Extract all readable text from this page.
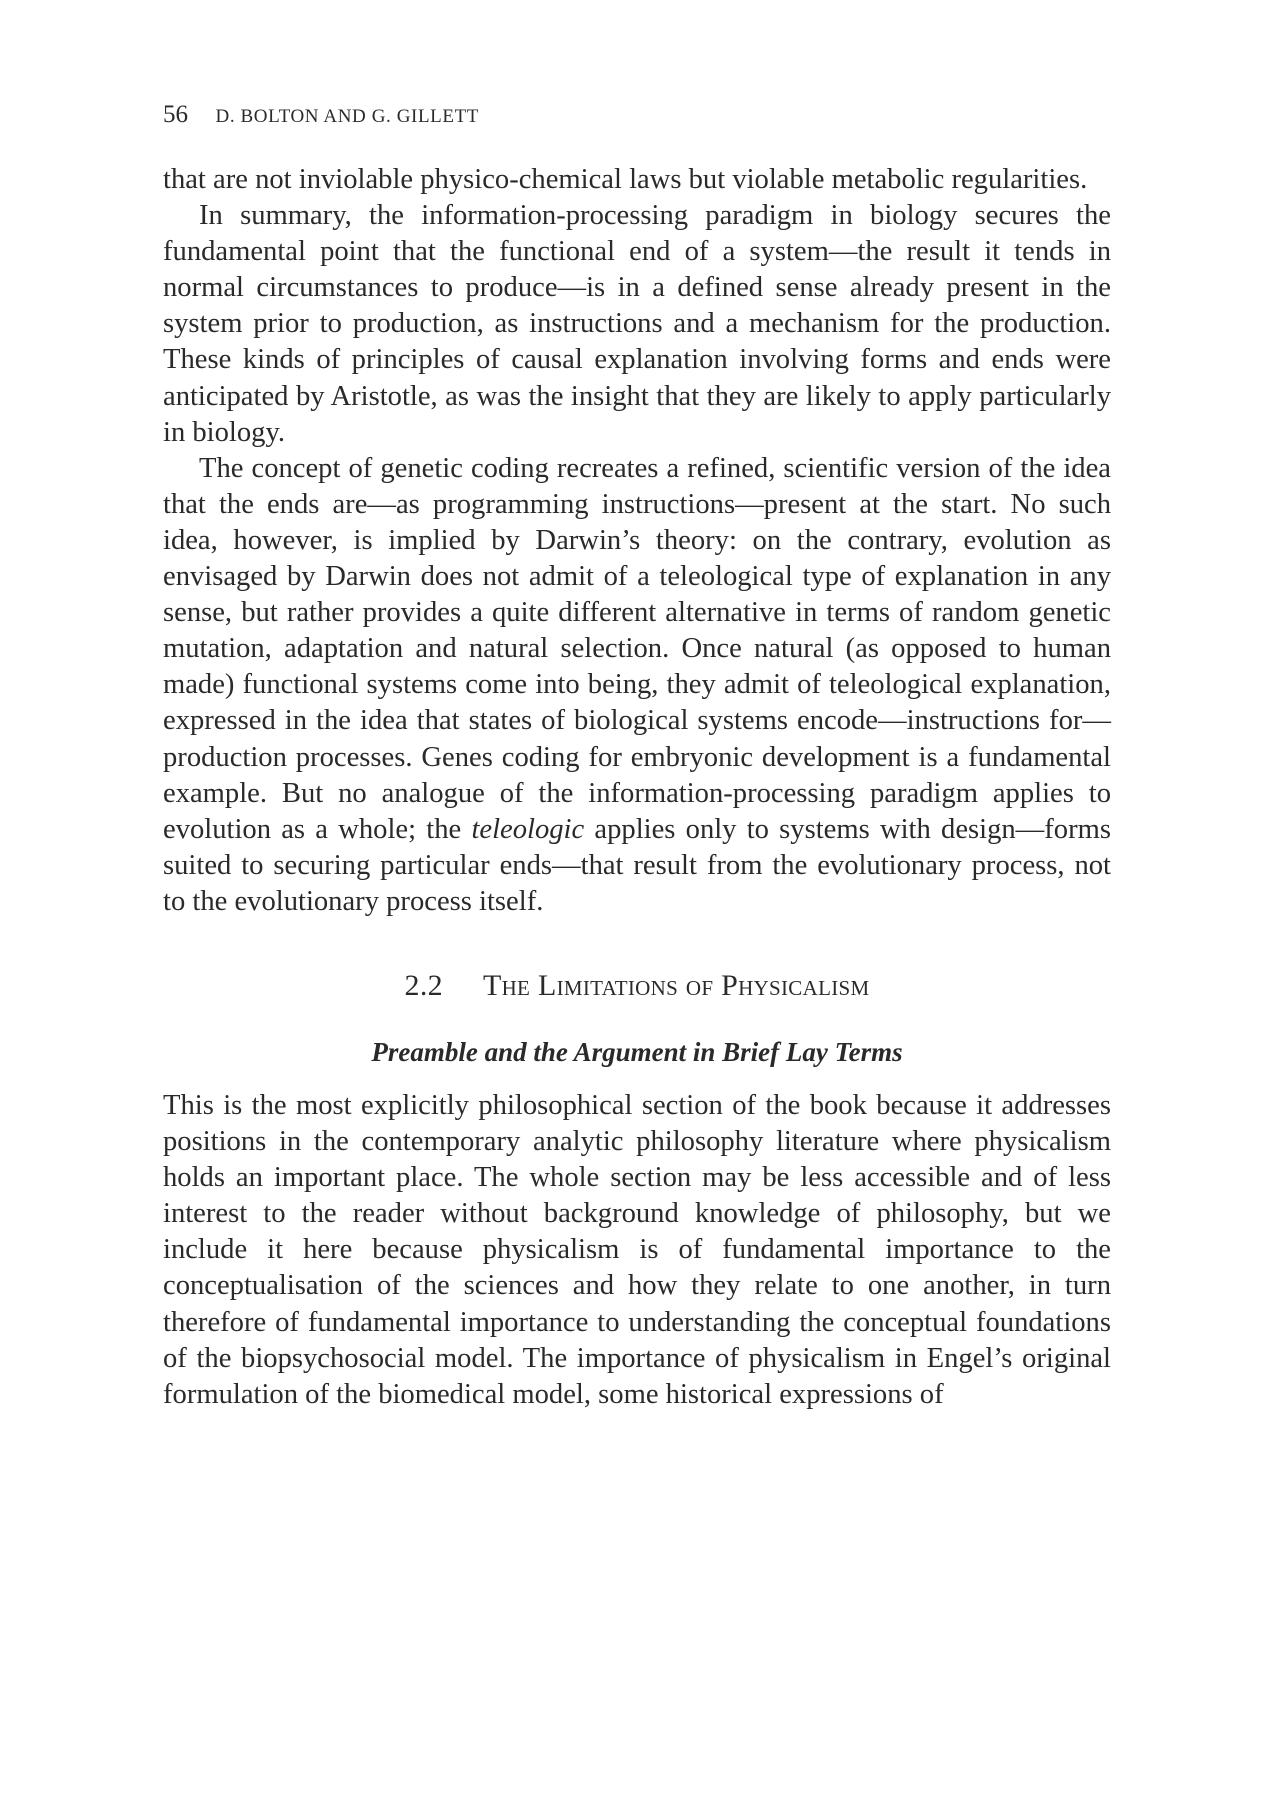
56 D. BOLTON AND G. GILLETT

that are not inviolable physico-chemical laws but violable metabolic regularities.

In summary, the information-processing paradigm in biology secures the fundamental point that the functional end of a system—the result it tends in normal circumstances to produce—is in a defined sense already present in the system prior to production, as instructions and a mechanism for the production. These kinds of principles of causal explanation involving forms and ends were anticipated by Aristotle, as was the insight that they are likely to apply particularly in biology.

The concept of genetic coding recreates a refined, scientific version of the idea that the ends are—as programming instructions—present at the start. No such idea, however, is implied by Darwin’s theory: on the contrary, evolution as envisaged by Darwin does not admit of a teleological type of explanation in any sense, but rather provides a quite different alternative in terms of random genetic mutation, adaptation and natural selection. Once natural (as opposed to human made) functional systems come into being, they admit of teleological explanation, expressed in the idea that states of biological systems encode—instructions for—production processes. Genes coding for embryonic development is a fundamental example. But no analogue of the information-processing paradigm applies to evolution as a whole; the teleologic applies only to systems with design—forms suited to securing particular ends—that result from the evolutionary process, not to the evolutionary process itself.

2.2 The Limitations of Physicalism
Preamble and the Argument in Brief Lay Terms

This is the most explicitly philosophical section of the book because it addresses positions in the contemporary analytic philosophy literature where physicalism holds an important place. The whole section may be less accessible and of less interest to the reader without background knowledge of philosophy, but we include it here because physicalism is of fundamental importance to the conceptualisation of the sciences and how they relate to one another, in turn therefore of fundamental importance to understanding the conceptual foundations of the biopsychosocial model. The importance of physicalism in Engel’s original formulation of the biomedical model, some historical expressions of
